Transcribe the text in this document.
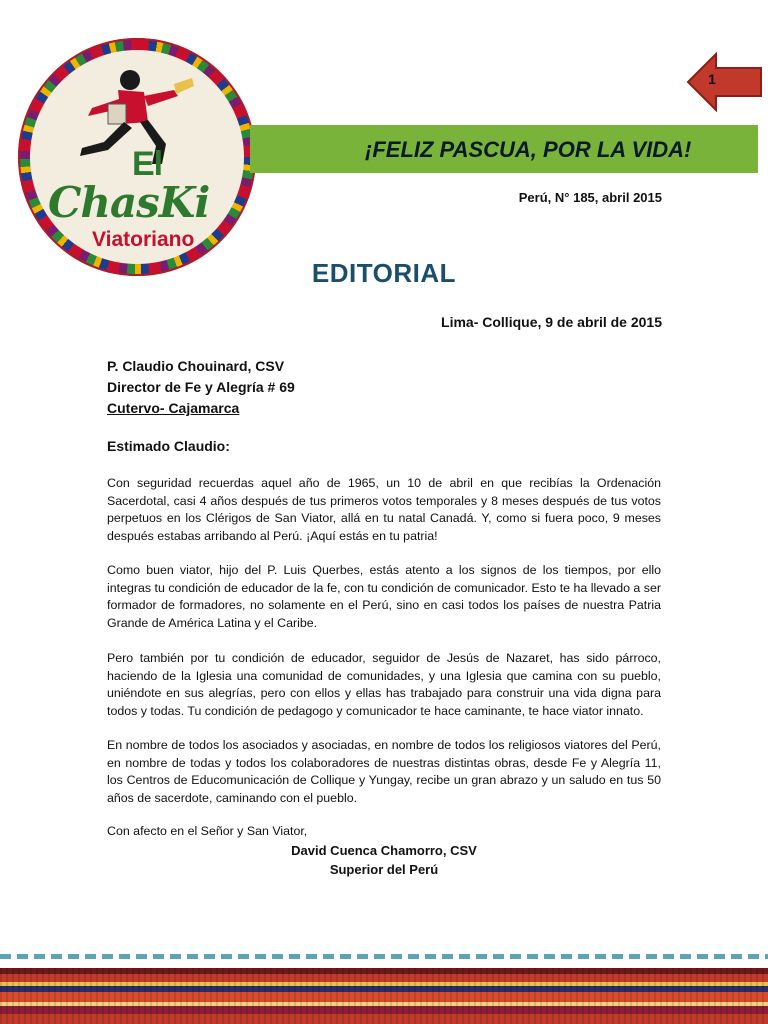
El
ChasKi
Viatoriano
1
¡FELIZ PASCUA, POR LA VIDA!
Perú, N° 185, abril 2015
EDITORIAL
Lima- Collique, 9 de abril de 2015
P. Claudio Chouinard, CSV
Director de Fe y Alegría # 69
Cutervo- Cajamarca
Estimado Claudio:

Con seguridad recuerdas aquel año de 1965, un 10 de abril en que recibías la Ordenación Sacerdotal, casi 4 años después de tus primeros votos temporales y 8 meses después de tus votos perpetuos en los Clérigos de San Viator, allá en tu natal Canadá. Y, como si fuera poco, 9 meses después estabas arribando al Perú. ¡Aquí estás en tu patria!

Como buen viator, hijo del P. Luis Querbes, estás atento a los signos de los tiempos, por ello integras tu condición de educador de la fe, con tu condición de comunicador. Esto te ha llevado a ser formador de formadores, no solamente en el Perú, sino en casi todos los países de nuestra Patria Grande de América Latina y el Caribe.

Pero también por tu condición de educador, seguidor de Jesús de Nazaret, has sido párroco, haciendo de la Iglesia una comunidad de comunidades, y una Iglesia que camina con su pueblo, uniéndote en sus alegrías, pero con ellos y ellas has trabajado para construir una vida digna para todos y todas. Tu condición de pedagogo y comunicador te hace caminante, te hace viator innato.

En nombre de todos los asociados y asociadas, en nombre de todos los religiosos viatores del Perú, en nombre de todas y todos los colaboradores de nuestras distintas obras, desde Fe y Alegría 11, los Centros de Educomunicación de Collique y Yungay, recibe un gran abrazo y un saludo en tus 50 años de sacerdote, caminando con el pueblo.

Con afecto en el Señor y San Viator,
David Cuenca Chamorro, CSV
Superior del Perú
